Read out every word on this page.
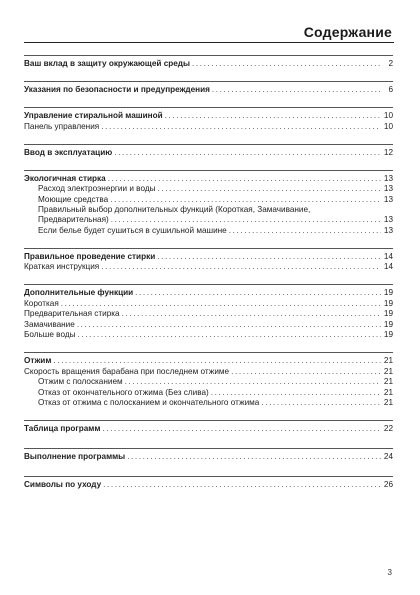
Содержание
Ваш вклад в защиту окружающей среды .....	2
Указания по безопасности и предупреждения .....	6
Управление стиральной машиной .....	10
Панель управления .....	10
Ввод в эксплуатацию .....	12
Экологичная стирка .....	13
Расход электроэнергии и воды .....	13
Моющие средства .....	13
Правильный выбор дополнительных функций (Короткая, Замачивание,
Предварительная) .....	13
Если белье будет сушиться в сушильной машине .....	13
Правильное проведение стирки .....	14
Краткая инструкция .....	14
Дополнительные функции .....	19
Короткая .....	19
Предварительная стирка .....	19
Замачивание .....	19
Больше воды .....	19
Отжим .....	21
Скорость вращения барабана при последнем отжиме .....	21
Отжим с полосканием .....	21
Отказ от окончательного отжима (Без слива) .....	21
Отказ от отжима с полосканием и окончательного отжима .....	21
Таблица программ .....	22
Выполнение программы .....	24
Символы по уходу .....	26
3
